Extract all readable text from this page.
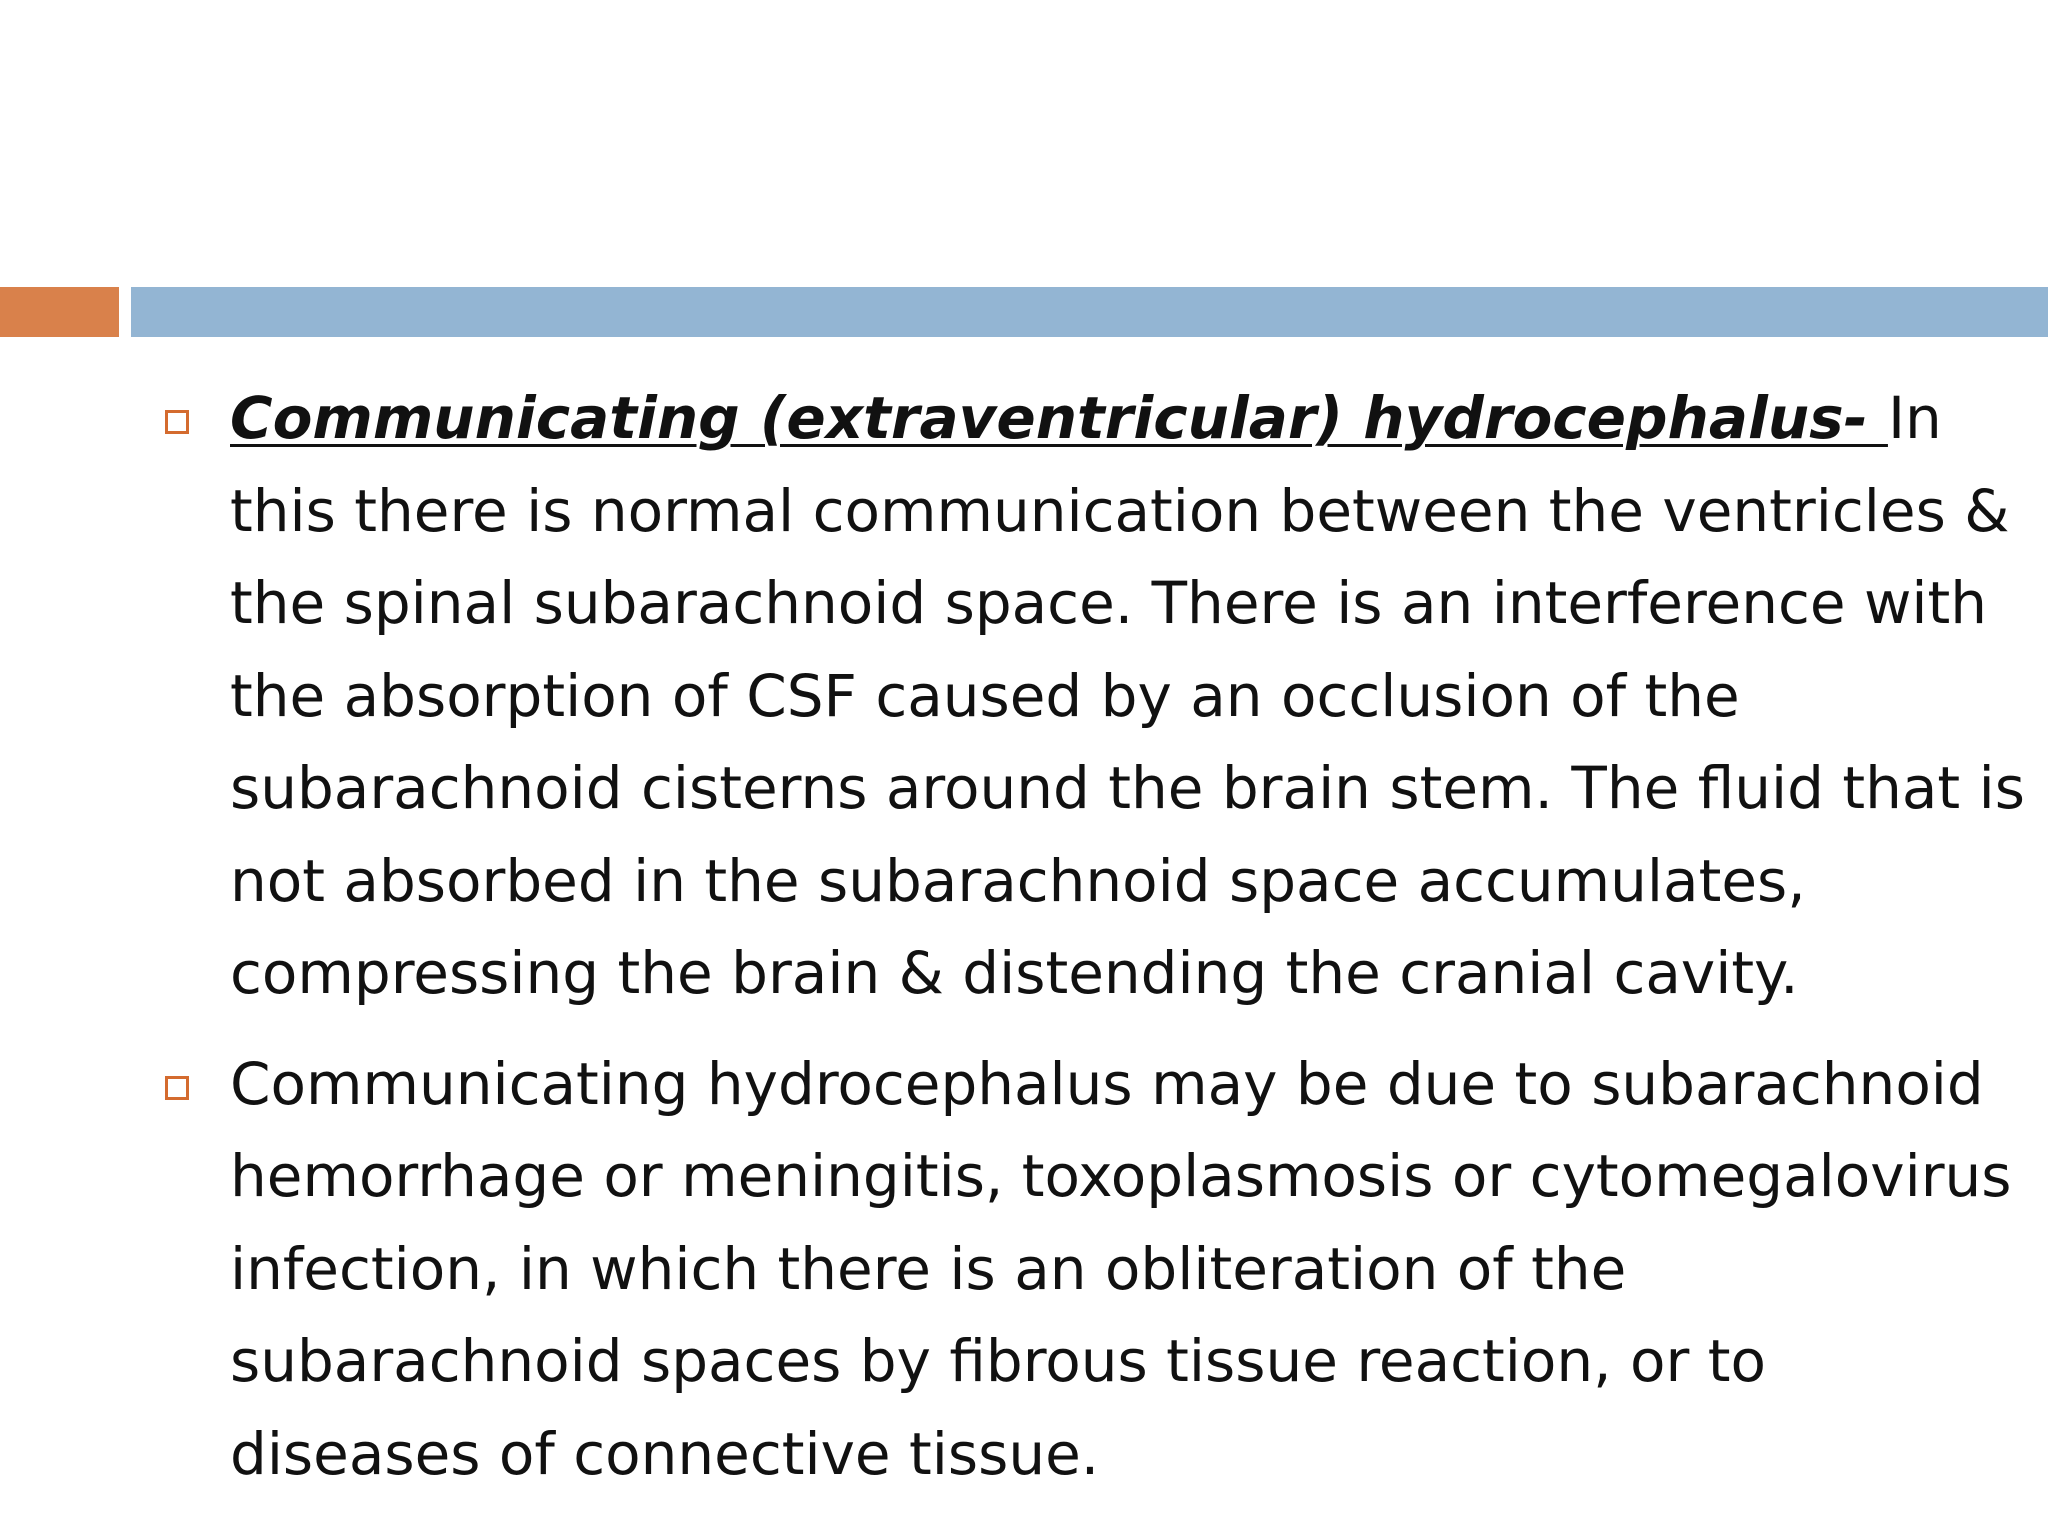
Communicating (extraventricular) hydrocephalus- In this there is normal communication between the ventricles & the spinal subarachnoid space. There is an interference with the absorption of CSF caused by an occlusion of the subarachnoid cisterns around the brain stem. The fluid that is not absorbed in the subarachnoid space accumulates, compressing the brain & distending the cranial cavity.
Communicating hydrocephalus may be due to subarachnoid hemorrhage or meningitis, toxoplasmosis or cytomegalovirus infection, in which there is an obliteration of the subarachnoid spaces by fibrous tissue reaction, or to diseases of connective tissue.
